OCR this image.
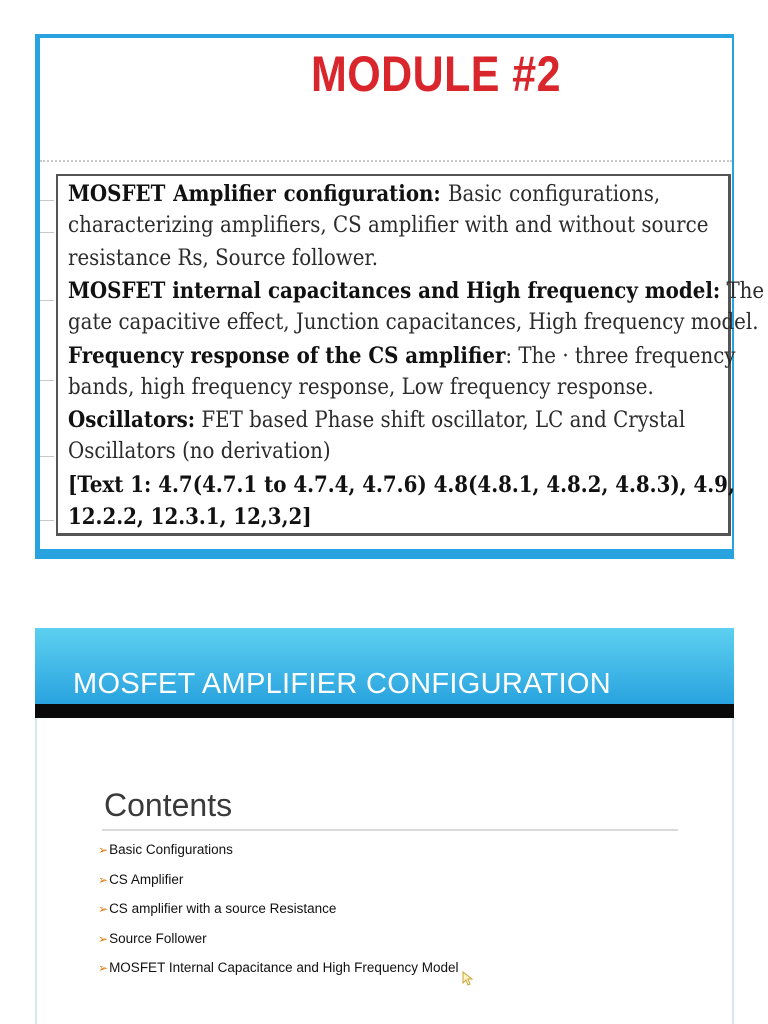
MODULE #2
MOSFET Amplifier configuration: Basic configurations,
characterizing amplifiers, CS amplifier with and without source
resistance Rs, Source follower.
MOSFET internal capacitances and High frequency model: The
gate capacitive effect, Junction capacitances, High frequency model.
Frequency response of the CS amplifier: The · three frequency
bands, high frequency response, Low frequency response.
Oscillators: FET based Phase shift oscillator, LC and Crystal
Oscillators (no derivation)
[Text 1: 4.7(4.7.1 to 4.7.4, 4.7.6) 4.8(4.8.1, 4.8.2, 4.8.3), 4.9,
12.2.2, 12.3.1, 12,3,2]
MOSFET AMPLIFIER CONFIGURATION
Contents
➢Basic Configurations
➢CS Amplifier
➢CS amplifier with a source Resistance
➢Source Follower
➢MOSFET Internal Capacitance and High Frequency Model
